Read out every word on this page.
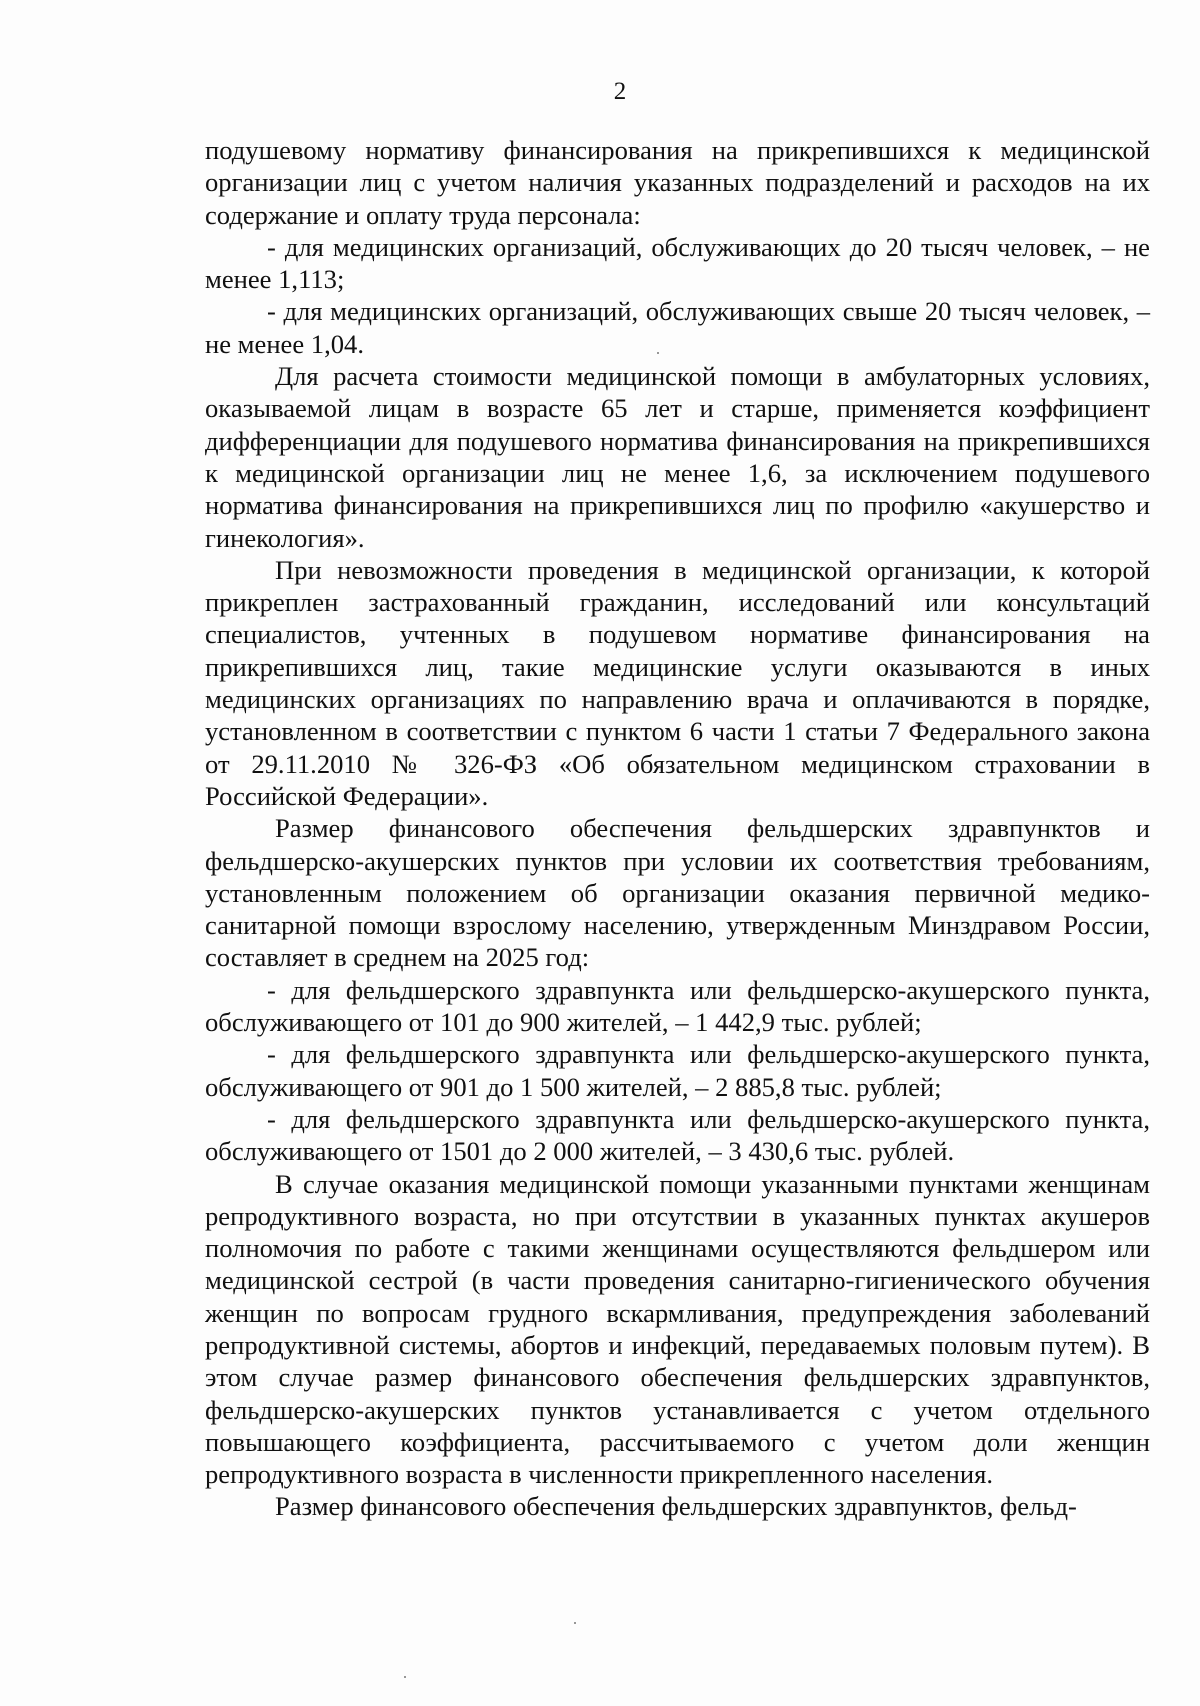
2

подушевому нормативу финансирования на прикрепившихся к медицинской организации лиц с учетом наличия указанных подразделений и расходов на их содержание и оплату труда персонала:

- для медицинских организаций, обслуживающих до 20 тысяч человек, – не менее 1,113;

- для медицинских организаций, обслуживающих свыше 20 тысяч человек, – не менее 1,04.

Для расчета стоимости медицинской помощи в амбулаторных условиях, оказываемой лицам в возрасте 65 лет и старше, применяется коэффициент дифференциации для подушевого норматива финансирования на прикрепившихся к медицинской организации лиц не менее 1,6, за исключением подушевого норматива финансирования на прикрепившихся лиц по профилю «акушерство и гинекология».

При невозможности проведения в медицинской организации, к которой прикреплен застрахованный гражданин, исследований или консультаций специалистов, учтенных в подушевом нормативе финансирования на прикрепившихся лиц, такие медицинские услуги оказываются в иных медицинских организациях по направлению врача и оплачиваются в порядке, установленном в соответствии с пунктом 6 части 1 статьи 7 Федерального закона от 29.11.2010 № 326-ФЗ «Об обязательном медицинском страховании в Российской Федерации».

Размер финансового обеспечения фельдшерских здравпунктов и фельдшерско-акушерских пунктов при условии их соответствия требованиям, установленным положением об организации оказания первичной медико-санитарной помощи взрослому населению, утвержденным Минздравом России, составляет в среднем на 2025 год:

- для фельдшерского здравпункта или фельдшерско-акушерского пункта, обслуживающего от 101 до 900 жителей, – 1 442,9 тыс. рублей;

- для фельдшерского здравпункта или фельдшерско-акушерского пункта, обслуживающего от 901 до 1 500 жителей, – 2 885,8 тыс. рублей;

- для фельдшерского здравпункта или фельдшерско-акушерского пункта, обслуживающего от 1501 до 2 000 жителей, – 3 430,6 тыс. рублей.

В случае оказания медицинской помощи указанными пунктами женщинам репродуктивного возраста, но при отсутствии в указанных пунктах акушеров полномочия по работе с такими женщинами осуществляются фельдшером или медицинской сестрой (в части проведения санитарно-гигиенического обучения женщин по вопросам грудного вскармливания, предупреждения заболеваний репродуктивной системы, абортов и инфекций, передаваемых половым путем). В этом случае размер финансового обеспечения фельдшерских здравпунктов, фельдшерско-акушерских пунктов устанавливается с учетом отдельного повышающего коэффициента, рассчитываемого с учетом доли женщин репродуктивного возраста в численности прикрепленного населения.

Размер финансового обеспечения фельдшерских здравпунктов, фельд-
